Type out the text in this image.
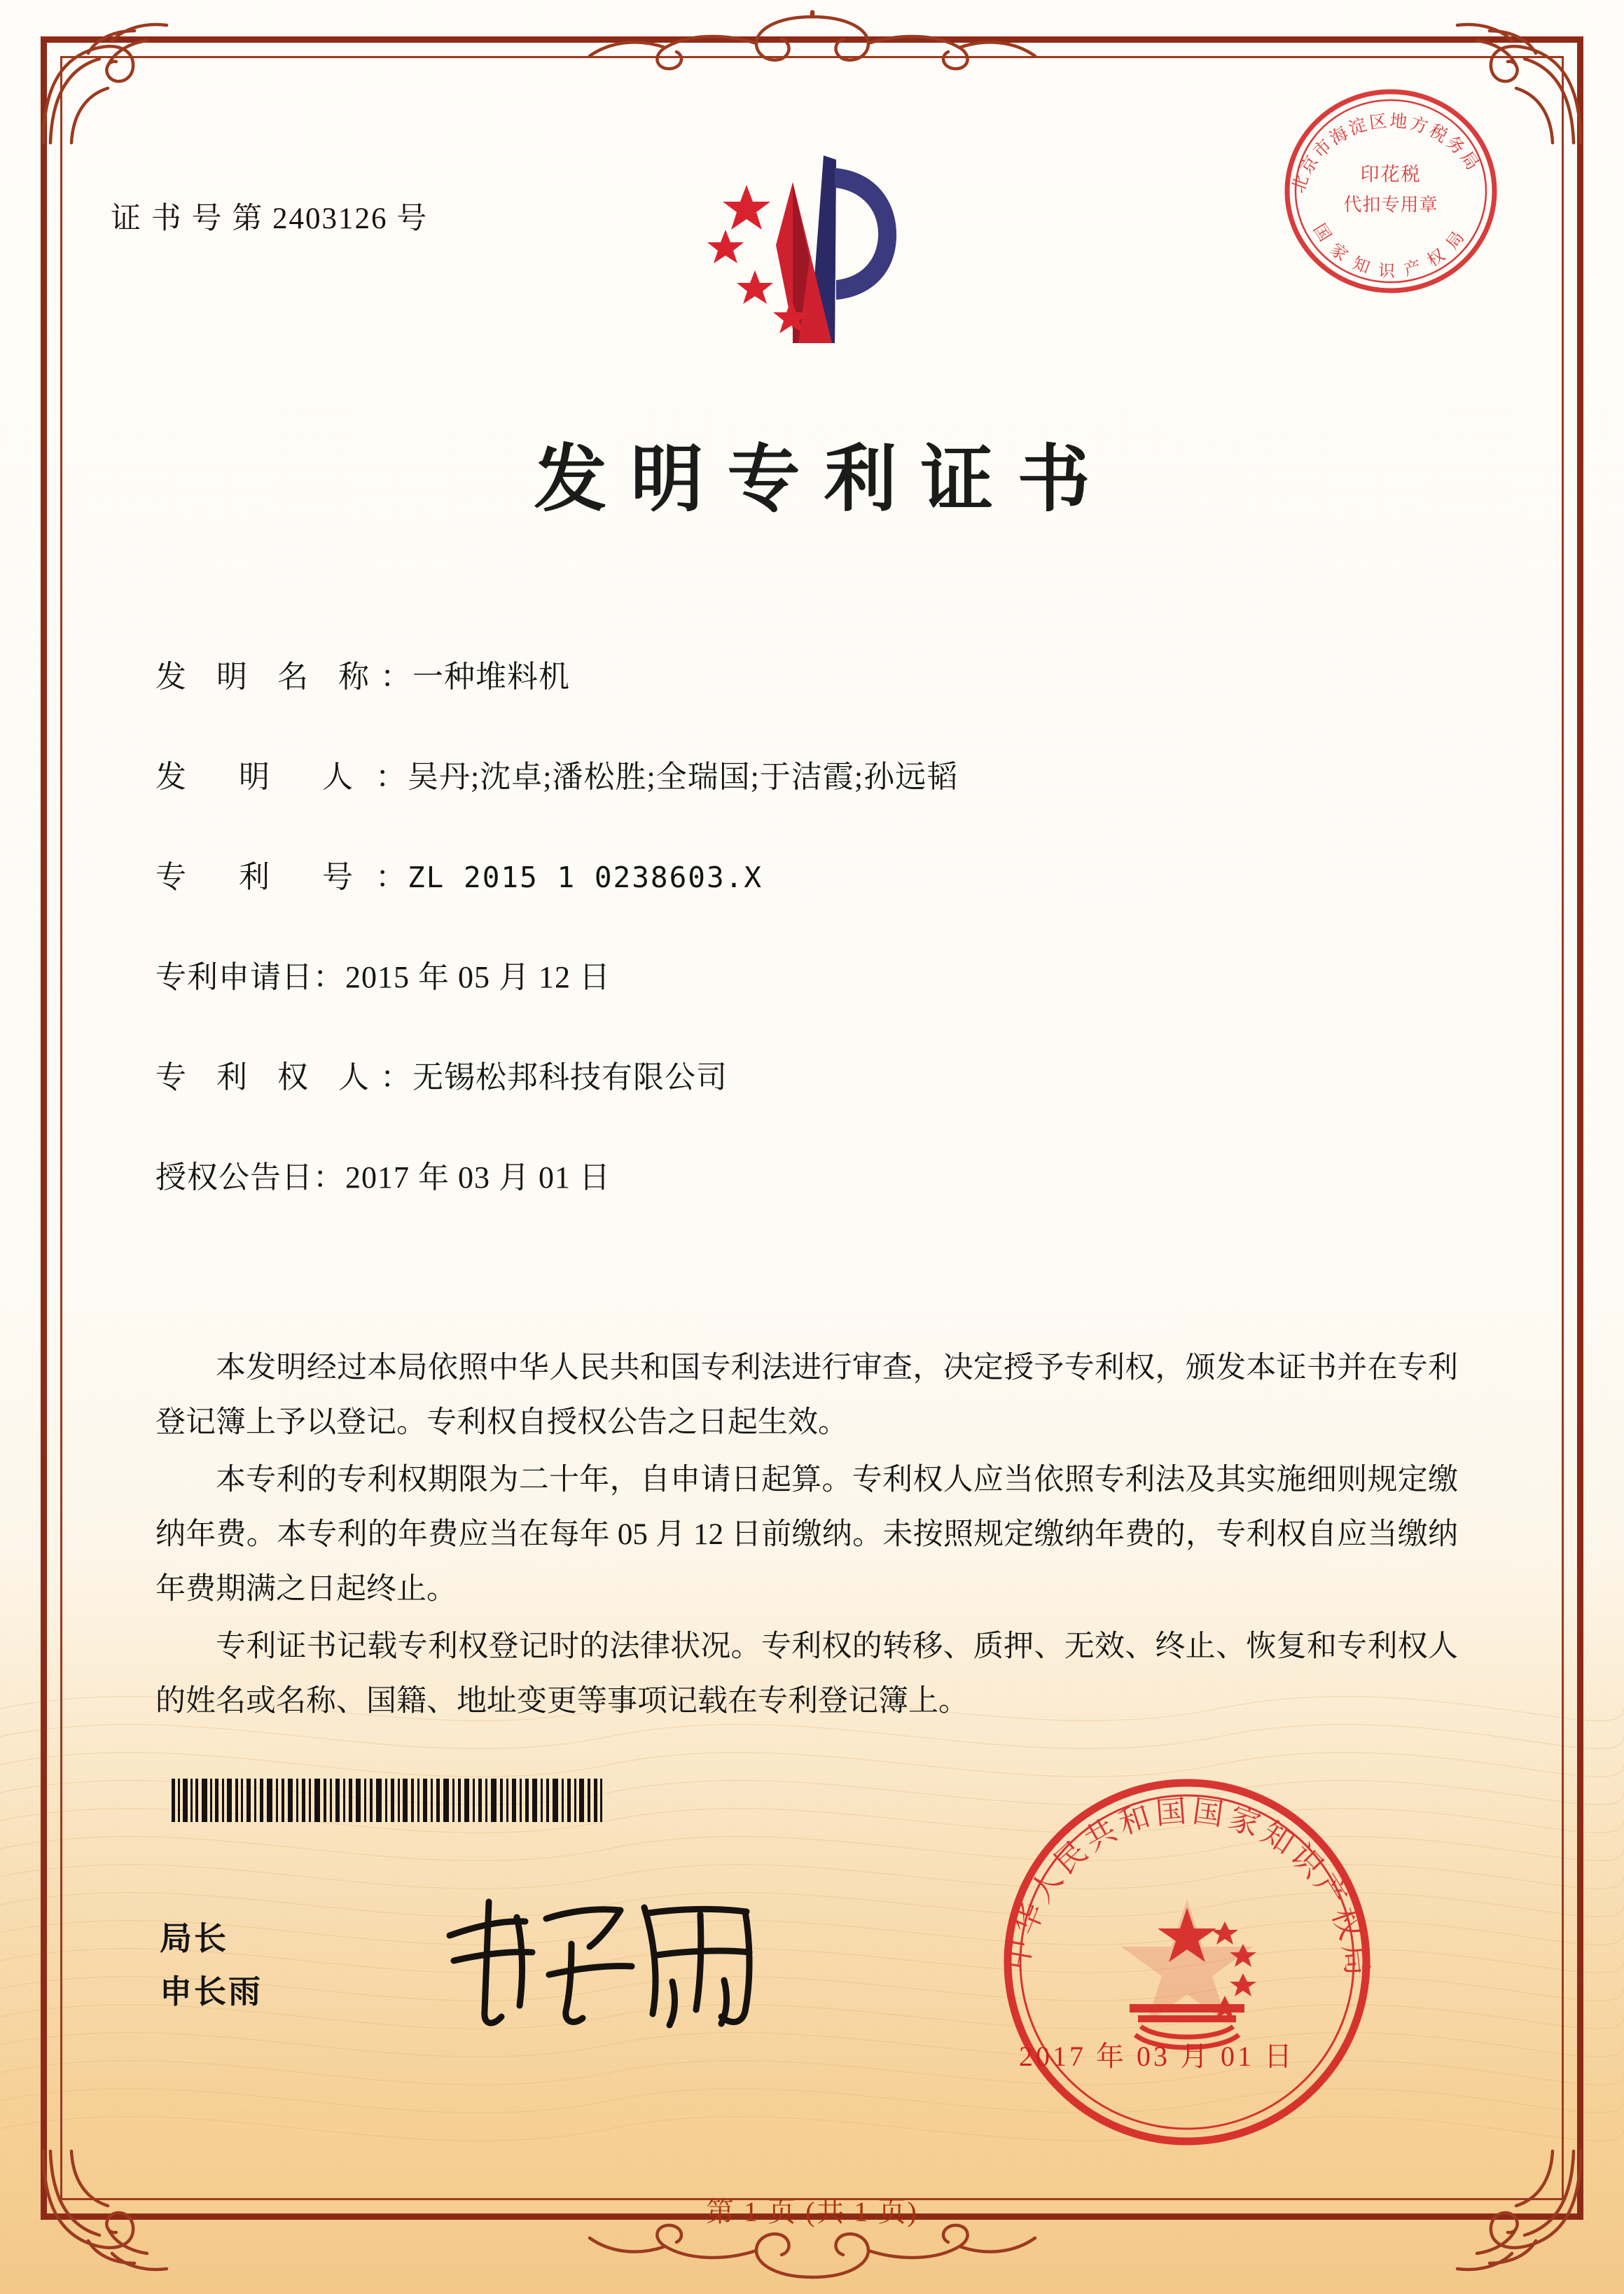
证 书 号 第 2403126 号
北京市海淀区地方税务局
国 家 知 识 产 权 局
印花税
代扣专用章
发明专利证书
发 明 名 称 ： 一种堆料机
发 明 人 ： 吴丹;沈卓;潘松胜;全瑞国;于洁霞;孙远韬
专 利 号 ： ZL 2015 1 0238603.X
专利申请日 ： 2015 年 05 月 12 日
专 利 权 人 ： 无锡松邦科技有限公司
授权公告日 ： 2017 年 03 月 01 日

本发明经过本局依照中华人民共和国专利法进行审查，决定授予专利权，颁发本证书并在专利登记簿上予以登记。专利权自授权公告之日起生效。

本专利的专利权期限为二十年，自申请日起算。专利权人应当依照专利法及其实施细则规定缴纳年费。本专利的年费应当在每年 05 月 12 日前缴纳。未按照规定缴纳年费的，专利权自应当缴纳年费期满之日起终止。

专利证书记载专利权登记时的法律状况。专利权的转移、质押、无效、终止、恢复和专利权人的姓名或名称、国籍、地址变更等事项记载在专利登记簿上。

局长
申长雨
中华人民共和国国家知识产权局
2017 年 03 月 01 日
第 1 页 (共 1 页)
